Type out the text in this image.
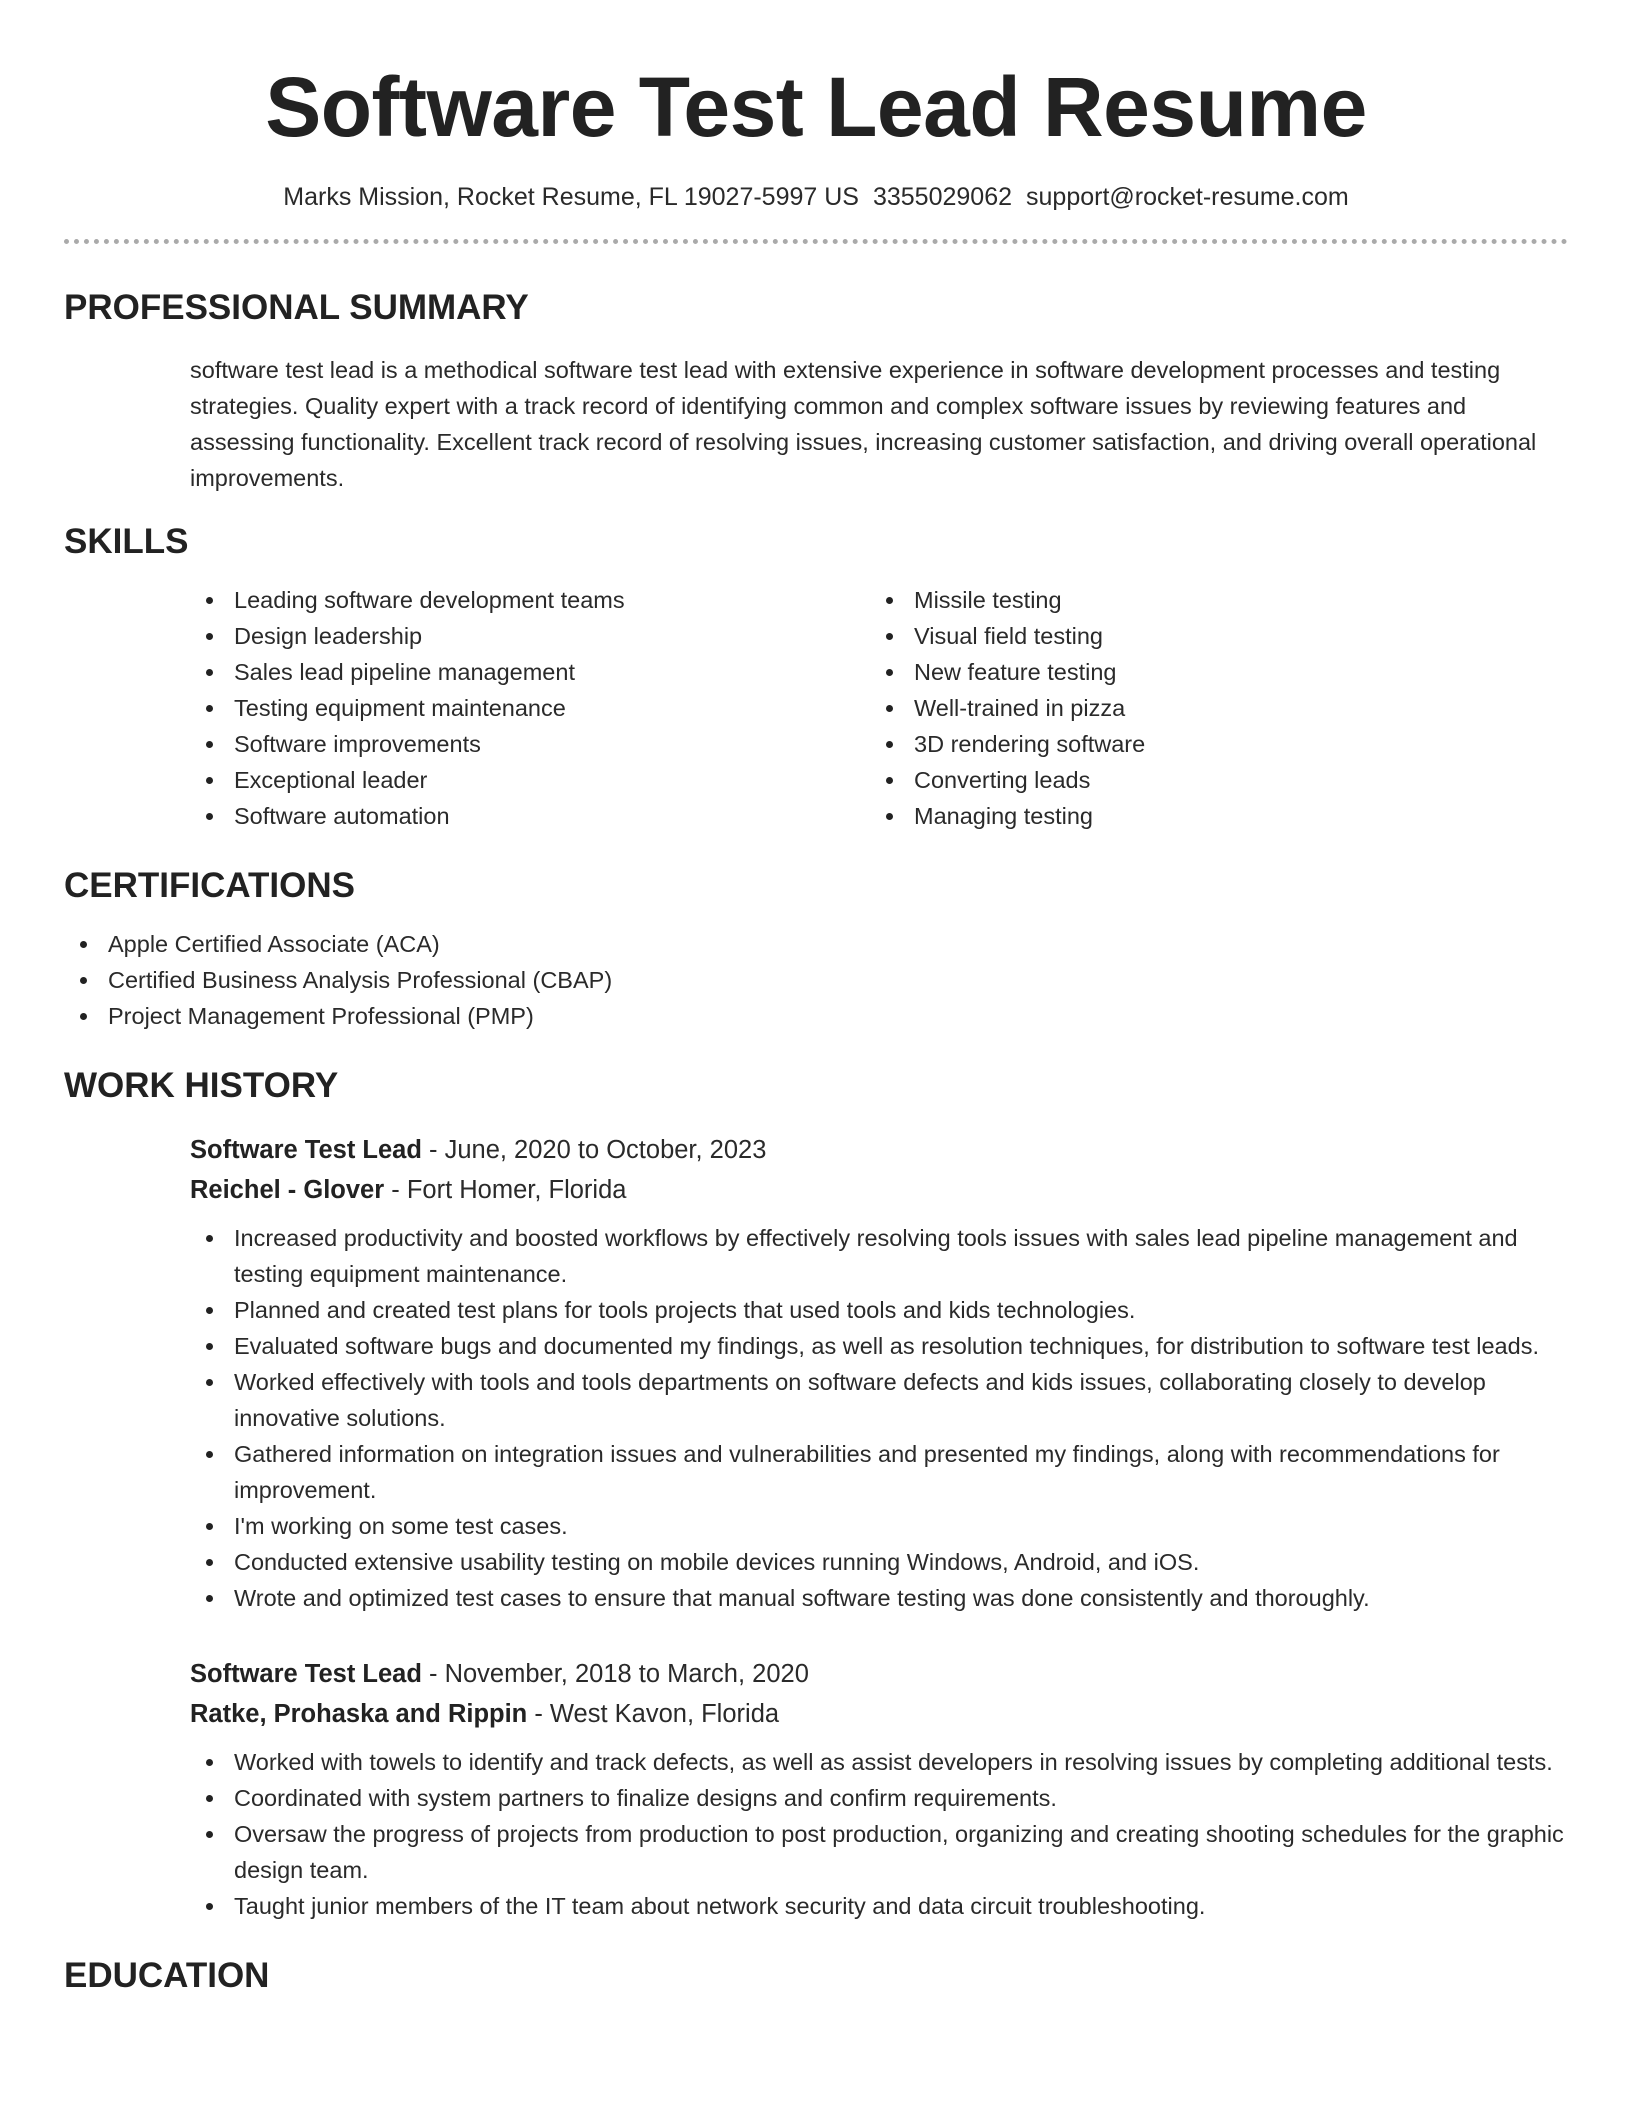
Software Test Lead Resume
Marks Mission, Rocket Resume, FL 19027-5997 US 3355029062 support@rocket-resume.com
PROFESSIONAL SUMMARY

software test lead is a methodical software test lead with extensive experience in software development processes and testing strategies. Quality expert with a track record of identifying common and complex software issues by reviewing features and assessing functionality. Excellent track record of resolving issues, increasing customer satisfaction, and driving overall operational improvements.

SKILLS
Leading software development teams
Design leadership
Sales lead pipeline management
Testing equipment maintenance
Software improvements
Exceptional leader
Software automation
Missile testing
Visual field testing
New feature testing
Well-trained in pizza
3D rendering software
Converting leads
Managing testing
CERTIFICATIONS
Apple Certified Associate (ACA)
Certified Business Analysis Professional (CBAP)
Project Management Professional (PMP)
WORK HISTORY
Software Test Lead - June, 2020 to October, 2023
Reichel - Glover - Fort Homer, Florida
Increased productivity and boosted workflows by effectively resolving tools issues with sales lead pipeline management and testing equipment maintenance.
Planned and created test plans for tools projects that used tools and kids technologies.
Evaluated software bugs and documented my findings, as well as resolution techniques, for distribution to software test leads.
Worked effectively with tools and tools departments on software defects and kids issues, collaborating closely to develop innovative solutions.
Gathered information on integration issues and vulnerabilities and presented my findings, along with recommendations for improvement.
I'm working on some test cases.
Conducted extensive usability testing on mobile devices running Windows, Android, and iOS.
Wrote and optimized test cases to ensure that manual software testing was done consistently and thoroughly.
Software Test Lead - November, 2018 to March, 2020
Ratke, Prohaska and Rippin - West Kavon, Florida
Worked with towels to identify and track defects, as well as assist developers in resolving issues by completing additional tests.
Coordinated with system partners to finalize designs and confirm requirements.
Oversaw the progress of projects from production to post production, organizing and creating shooting schedules for the graphic design team.
Taught junior members of the IT team about network security and data circuit troubleshooting.
EDUCATION
